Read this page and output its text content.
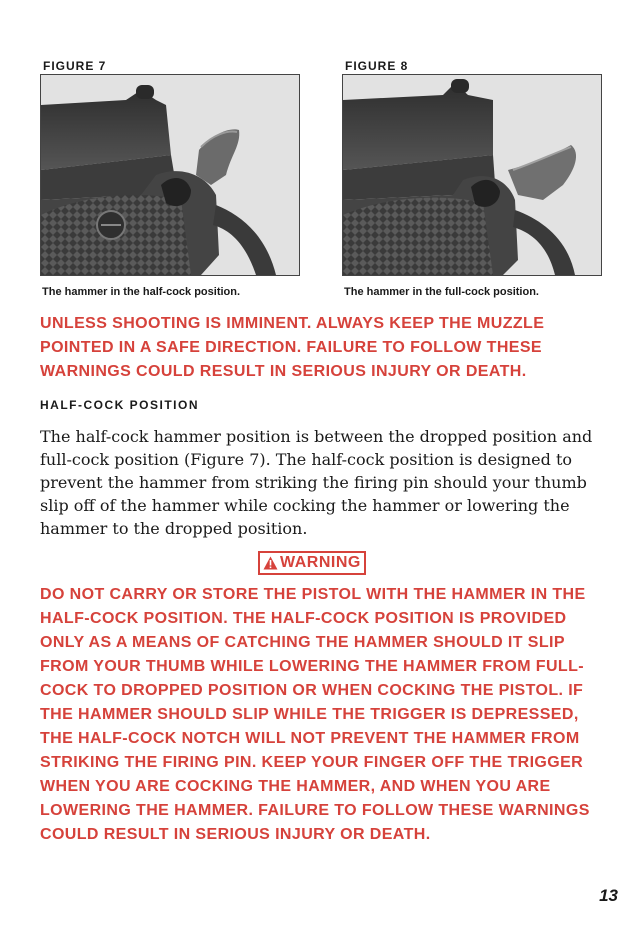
FIGURE 7
The hammer in the half-cock position.
FIGURE 8
The hammer in the full-cock position.

UNLESS SHOOTING IS IMMINENT. ALWAYS KEEP THE MUZZLE POINTED IN A SAFE DIRECTION. FAILURE TO FOLLOW THESE WARNINGS COULD RESULT IN SERIOUS INJURY OR DEATH.

HALF-COCK POSITION

The half-cock hammer position is between the dropped position and full-cock position (Figure 7). The half-cock position is designed to prevent the hammer from striking the firing pin should your thumb slip off of the hammer while cocking the hammer or lowering the hammer to the dropped position.

WARNING

DO NOT CARRY OR STORE THE PISTOL WITH THE HAMMER IN THE HALF-COCK POSITION. THE HALF-COCK POSITION IS PROVIDED ONLY AS A MEANS OF CATCHING THE HAMMER SHOULD IT SLIP FROM YOUR THUMB WHILE LOWERING THE HAMMER FROM FULL-COCK TO DROPPED POSITION OR WHEN COCKING THE PISTOL. IF THE HAMMER SHOULD SLIP WHILE THE TRIGGER IS DEPRESSED, THE HALF-COCK NOTCH WILL NOT PREVENT THE HAMMER FROM STRIKING THE FIRING PIN. KEEP YOUR FINGER OFF THE TRIGGER WHEN YOU ARE COCKING THE HAMMER, AND WHEN YOU ARE LOWERING THE HAMMER. FAILURE TO FOLLOW THESE WARNINGS COULD RESULT IN SERIOUS INJURY OR DEATH.

13
